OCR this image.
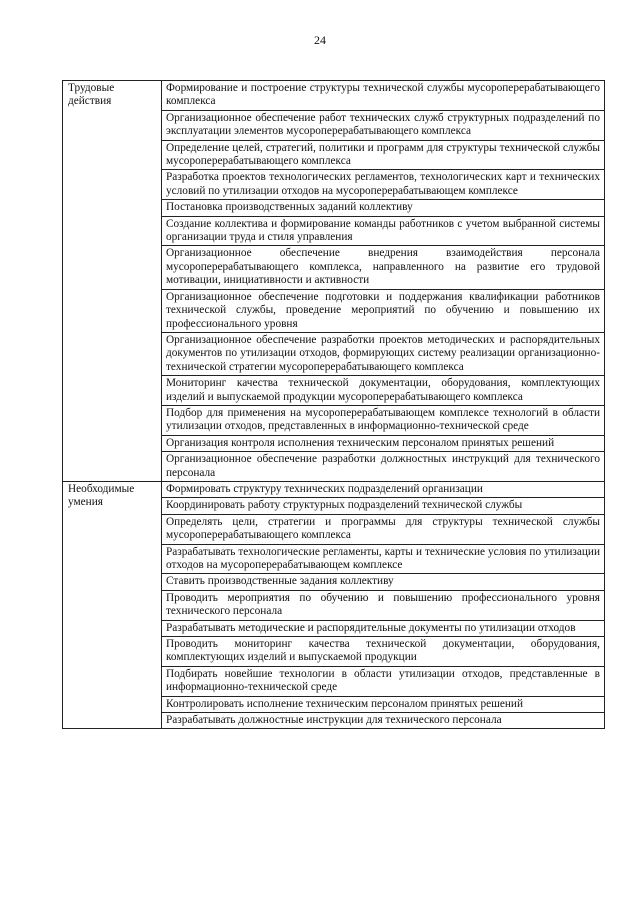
24
Трудовые действия	Формирование и построение структуры технической службы мусороперерабатывающего комплекса
	Организационное обеспечение работ технических служб структурных подразделений по эксплуатации элементов мусороперерабатывающего комплекса
	Определение целей, стратегий, политики и программ для структуры технической службы мусороперерабатывающего комплекса
	Разработка проектов технологических регламентов, технологических карт и технических условий по утилизации отходов на мусороперерабатывающем комплексе
	Постановка производственных заданий коллективу
	Создание коллектива и формирование команды работников с учетом выбранной системы организации труда и стиля управления
	Организационное обеспечение внедрения взаимодействия персонала мусороперерабатывающего комплекса, направленного на развитие его трудовой мотивации, инициативности и активности
	Организационное обеспечение подготовки и поддержания квалификации работников технической службы, проведение мероприятий по обучению и повышению их профессионального уровня
	Организационное обеспечение разработки проектов методических и распорядительных документов по утилизации отходов, формирующих систему реализации организационно-технической стратегии мусороперерабатывающего комплекса
	Мониторинг качества технической документации, оборудования, комплектующих изделий и выпускаемой продукции мусороперерабатывающего комплекса
	Подбор для применения на мусороперерабатывающем комплексе технологий в области утилизации отходов, представленных в информационно-технической среде
	Организация контроля исполнения техническим персоналом принятых решений
	Организационное обеспечение разработки должностных инструкций для технического персонала
Необходимые умения	Формировать структуру технических подразделений организации
	Координировать работу структурных подразделений технической службы
	Определять цели, стратегии и программы для структуры технической службы мусороперерабатывающего комплекса
	Разрабатывать технологические регламенты, карты и технические условия по утилизации отходов на мусороперерабатывающем комплексе
	Ставить производственные задания коллективу
	Проводить мероприятия по обучению и повышению профессионального уровня технического персонала
	Разрабатывать методические и распорядительные документы по утилизации отходов
	Проводить мониторинг качества технической документации, оборудования, комплектующих изделий и выпускаемой продукции
	Подбирать новейшие технологии в области утилизации отходов, представленные в информационно-технической среде
	Контролировать исполнение техническим персоналом принятых решений
	Разрабатывать должностные инструкции для технического персонала
